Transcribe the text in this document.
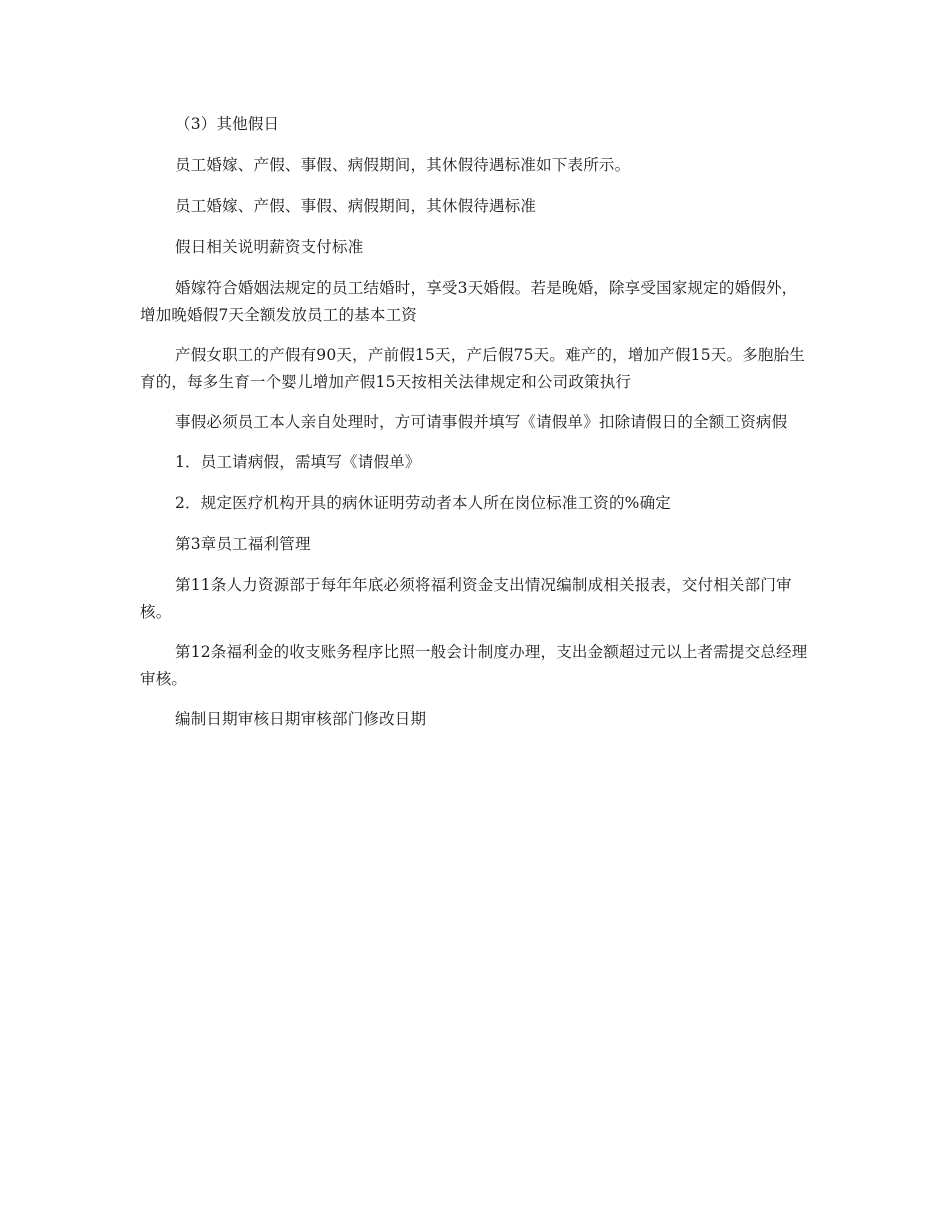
（3）其他假日

员工婚嫁、产假、事假、病假期间，其休假待遇标准如下表所示。

员工婚嫁、产假、事假、病假期间，其休假待遇标准

假日相关说明薪资支付标准

婚嫁符合婚姻法规定的员工结婚时，享受3天婚假。若是晚婚，除享受国家规定的婚假外，增加晚婚假7天全额发放员工的基本工资

产假女职工的产假有90天，产前假15天，产后假75天。难产的，增加产假15天。多胞胎生育的，每多生育一个婴儿增加产假15天按相关法律规定和公司政策执行

事假必须员工本人亲自处理时，方可请事假并填写《请假单》扣除请假日的全额工资病假

1．员工请病假，需填写《请假单》

2．规定医疗机构开具的病休证明劳动者本人所在岗位标准工资的%确定

第3章员工福利管理

第11条人力资源部于每年年底必须将福利资金支出情况编制成相关报表，交付相关部门审核。

第12条福利金的收支账务程序比照一般会计制度办理，支出金额超过元以上者需提交总经理审核。

编制日期审核日期审核部门修改日期
